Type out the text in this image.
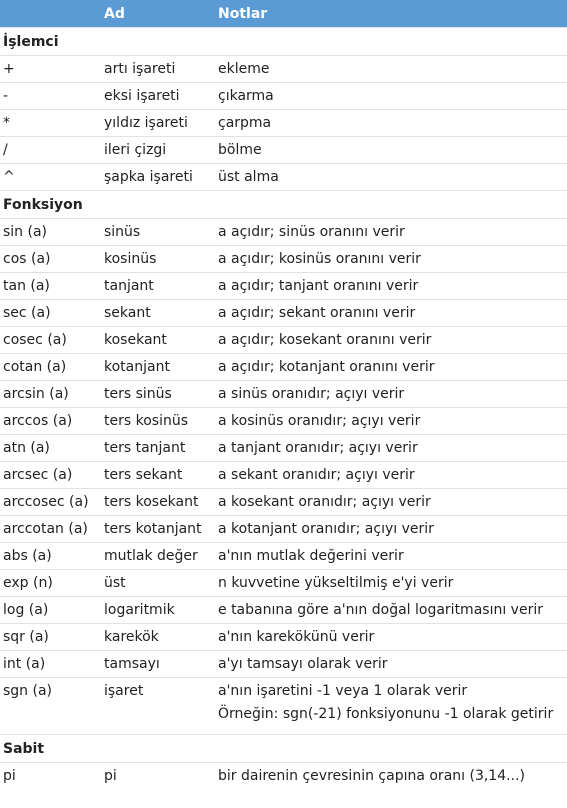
	Ad	Notlar
İşlemci		
+	artı işareti	ekleme
-	eksi işareti	çıkarma
*	yıldız işareti	çarpma
/	ileri çizgi	bölme
^	şapka işareti	üst alma
Fonksiyon		
sin (a)	sinüs	a açıdır; sinüs oranını verir
cos (a)	kosinüs	a açıdır; kosinüs oranını verir
tan (a)	tanjant	a açıdır; tanjant oranını verir
sec (a)	sekant	a açıdır; sekant oranını verir
cosec (a)	kosekant	a açıdır; kosekant oranını verir
cotan (a)	kotanjant	a açıdır; kotanjant oranını verir
arcsin (a)	ters sinüs	a sinüs oranıdır; açıyı verir
arccos (a)	ters kosinüs	a kosinüs oranıdır; açıyı verir
atn (a)	ters tanjant	a tanjant oranıdır; açıyı verir
arcsec (a)	ters sekant	a sekant oranıdır; açıyı verir
arccosec (a)	ters kosekant	a kosekant oranıdır; açıyı verir
arccotan (a)	ters kotanjant	a kotanjant oranıdır; açıyı verir
abs (a)	mutlak değer	a'nın mutlak değerini verir
exp (n)	üst	n kuvvetine yükseltilmiş e'yi verir
log (a)	logaritmik	e tabanına göre a'nın doğal logaritmasını verir
sqr (a)	karekök	a'nın karekökünü verir
int (a)	tamsayı	a'yı tamsayı olarak verir
sgn (a)	işaret	a'nın işaretini -1 veya 1 olarak verir
		Örneğin: sgn(-21) fonksiyonunu -1 olarak getirir
Sabit		
pi	pi	bir dairenin çevresinin çapına oranı (3,14...)
